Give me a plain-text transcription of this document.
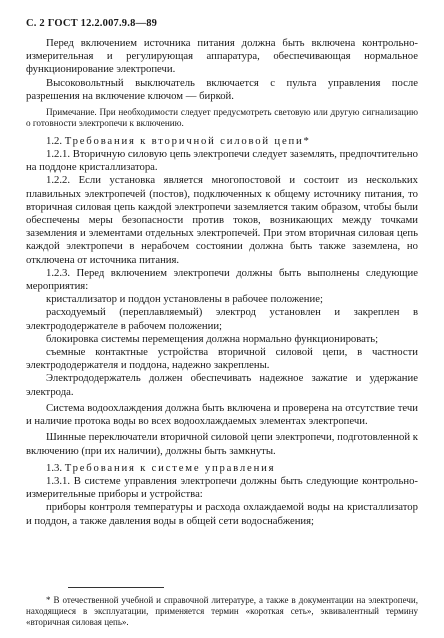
С. 2 ГОСТ 12.2.007.9.8—89

Перед включением источника питания должна быть включена контрольно-измерительная и регулирующая аппаратура, обеспечивающая нормальное функционирование электропечи.

Высоковольтный выключатель включается с пульта управления после разрешения на включение ключом — биркой.

Примечание. При необходимости следует предусмотреть световую или другую сигнализацию о готовности электропечи к включению.

1.2. Требования к вторичной силовой цепи*

1.2.1. Вторичную силовую цепь электропечи следует заземлять, предпочтительно на поддоне кристаллизатора.

1.2.2. Если установка является многопостовой и состоит из нескольких плавильных электропечей (постов), подключенных к общему источнику питания, то вторичная силовая цепь каждой электропечи заземляется таким образом, чтобы были обеспечены меры безопасности против токов, возникающих между точками заземления и элементами отдельных электропечей. При этом вторичная силовая цепь каждой электропечи в нерабочем состоянии должна быть также заземлена, но отключена от источника питания.

1.2.3. Перед включением электропечи должны быть выполнены следующие мероприятия:

кристаллизатор и поддон установлены в рабочее положение;

расходуемый (переплавляемый) электрод установлен и закреплен в электрододержателе в рабочем положении;

блокировка системы перемещения должна нормально функционировать;

съемные контактные устройства вторичной силовой цепи, в частности электрододержателя и поддона, надежно закреплены.

Электрододержатель должен обеспечивать надежное зажатие и удержание электрода.

Система водоохлаждения должна быть включена и проверена на отсутствие течи и наличие протока воды во всех водоохлаждаемых элементах электропечи.

Шинные переключатели вторичной силовой цепи электропечи, подготовленной к включению (при их наличии), должны быть замкнуты.

1.3. Требования к системе управления

1.3.1. В системе управления электропечи должны быть следующие контрольно-измерительные приборы и устройства:

приборы контроля температуры и расхода охлаждаемой воды на кристаллизатор и поддон, а также давления воды в общей сети водоснабжения;

* В отечественной учебной и справочной литературе, а также в документации на электропечи, находящиеся в эксплуатации, применяется термин «короткая сеть», эквивалентный термину «вторичная силовая цепь».
